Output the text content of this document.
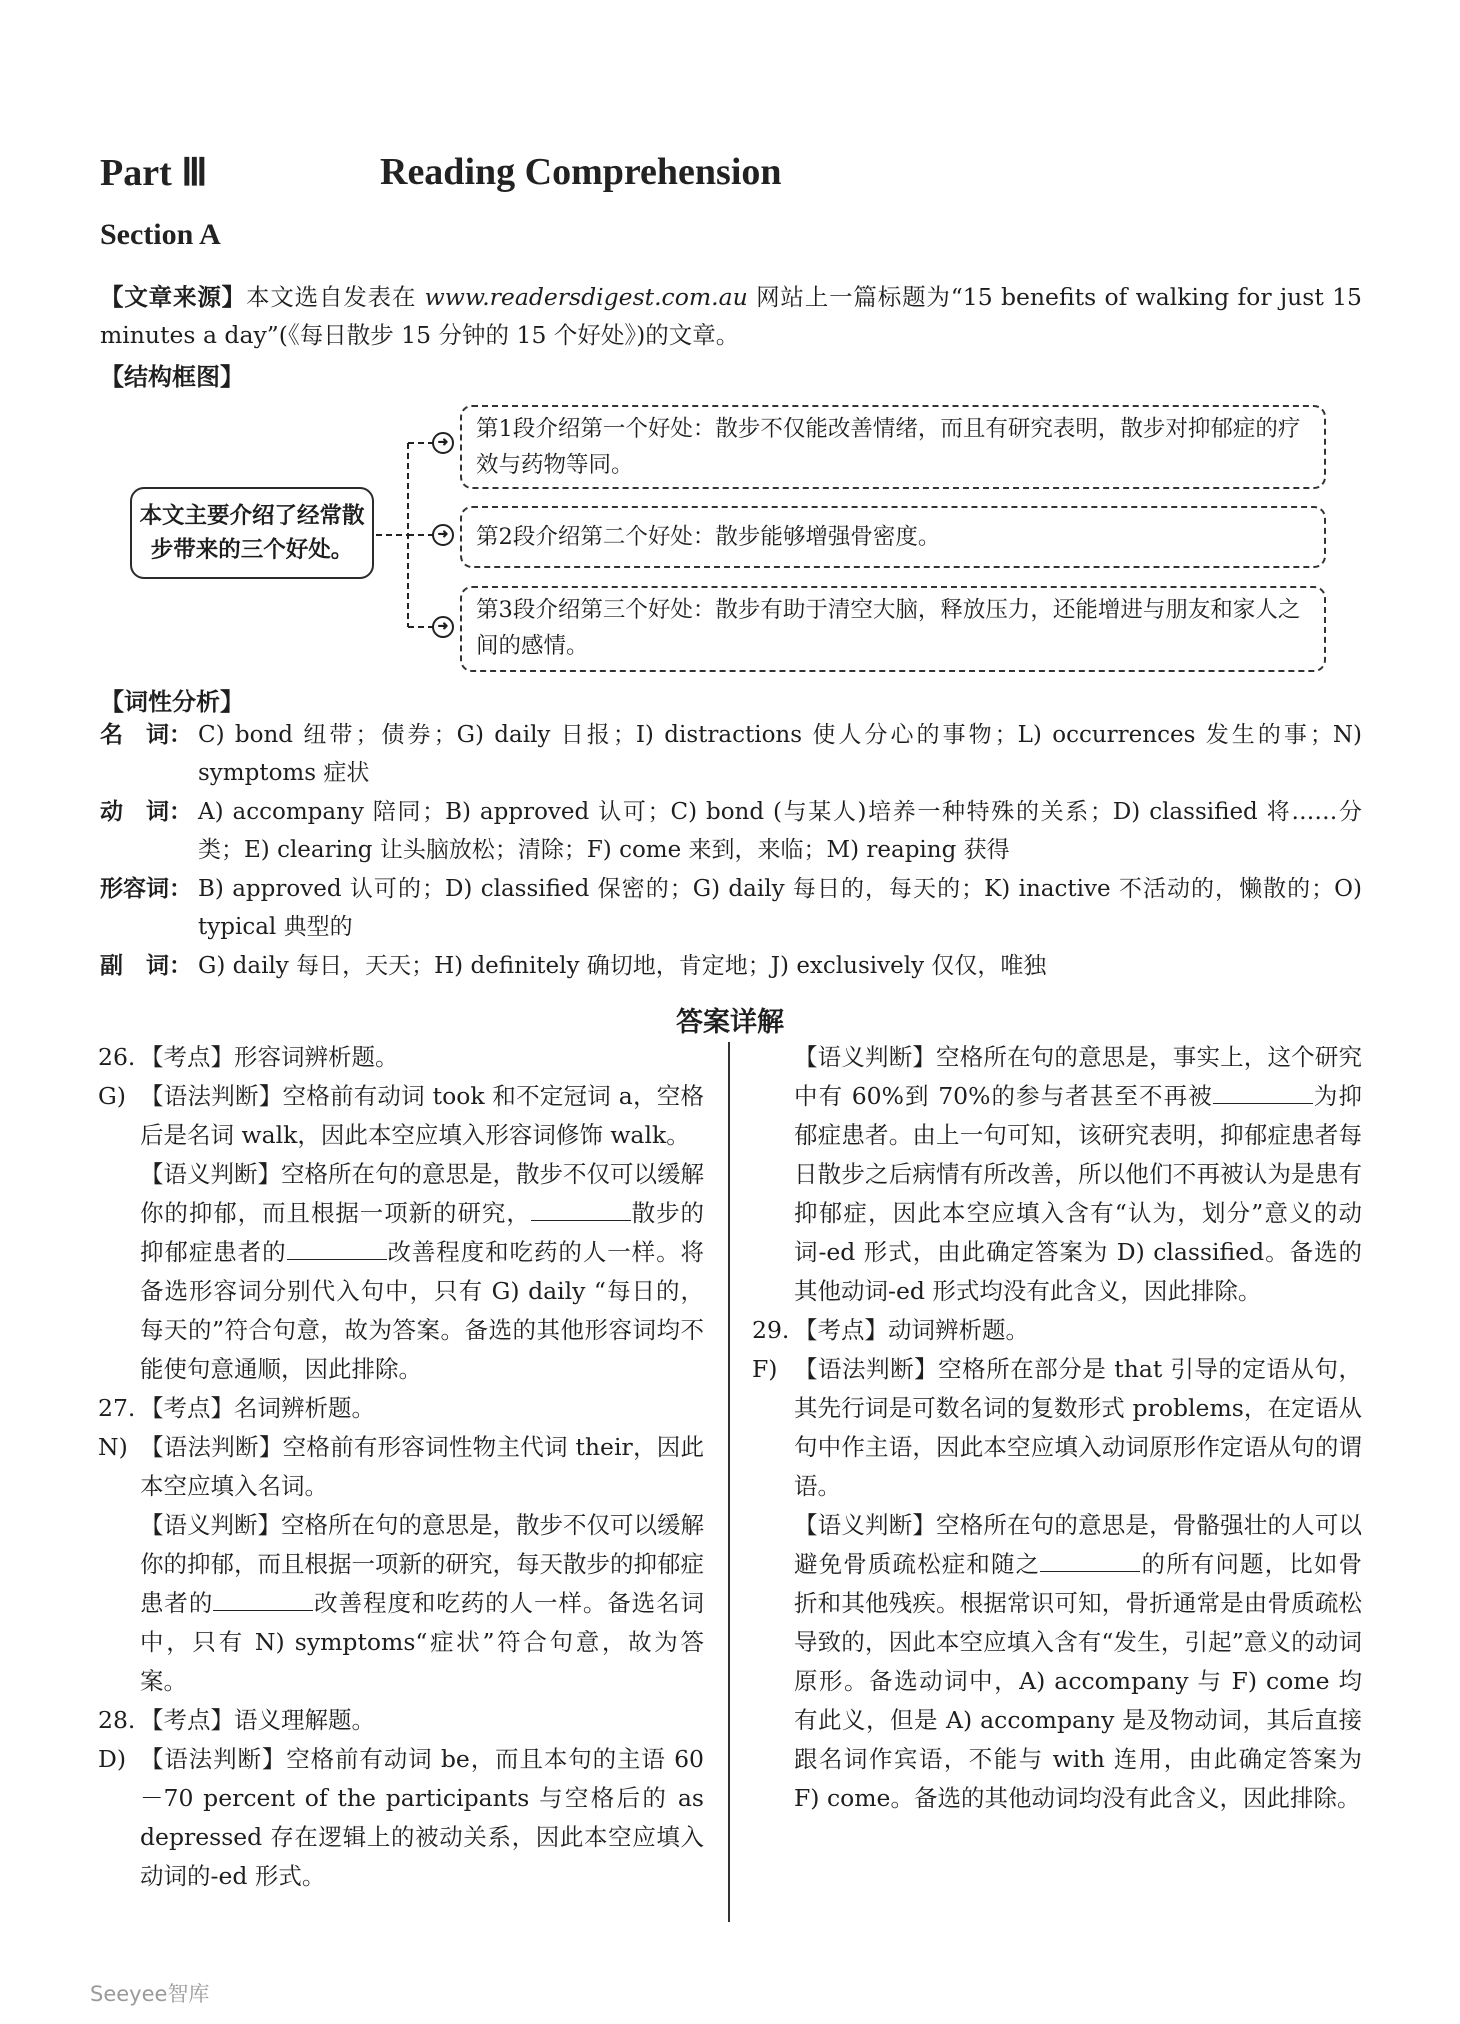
Part Ⅲ	Reading Comprehension
Section A
【文章来源】本文选自发表在 www.readersdigest.com.au 网站上一篇标题为“15 benefits of walking for just 15 minutes a day”(《每日散步 15 分钟的 15 个好处》)的文章。
【结构框图】
本文主要介绍了经常散步带来的三个好处。
➜
➜
➜
第1段介绍第一个好处：散步不仅能改善情绪，而且有研究表明，散步对抑郁症的疗效与药物等同。
第2段介绍第二个好处：散步能够增强骨密度。
第3段介绍第三个好处：散步有助于清空大脑，释放压力，还能增进与朋友和家人之间的感情。
【词性分析】
名　词： C) bond 纽带；债券；G) daily 日报；I) distractions 使人分心的事物；L) occurrences 发生的事；N) symptoms 症状
动　词： A) accompany 陪同；B) approved 认可；C) bond (与某人)培养一种特殊的关系；D) classified 将……分类；E) clearing 让头脑放松；清除；F) come 来到，来临；M) reaping 获得
形容词： B) approved 认可的；D) classified 保密的；G) daily 每日的，每天的；K) inactive 不活动的，懒散的；O) typical 典型的
副　词： G) daily 每日，天天；H) definitely 确切地，肯定地；J) exclusively 仅仅，唯独
答案详解
26. 【考点】形容词辨析题。
G) 【语法判断】空格前有动词 took 和不定冠词 a，空格后是名词 walk，因此本空应填入形容词修饰 walk。
【语义判断】空格所在句的意思是，散步不仅可以缓解你的抑郁，而且根据一项新的研究，	散步的抑郁症患者的	改善程度和吃药的人一样。将备选形容词分别代入句中，只有 G) daily “每日的，每天的”符合句意，故为答案。备选的其他形容词均不能使句意通顺，因此排除。
27. 【考点】名词辨析题。
N) 【语法判断】空格前有形容词性物主代词 their，因此本空应填入名词。
【语义判断】空格所在句的意思是，散步不仅可以缓解你的抑郁，而且根据一项新的研究，每天散步的抑郁症患者的	改善程度和吃药的人一样。备选名词中，只有 N) symptoms“症状”符合句意，故为答案。
28. 【考点】语义理解题。
D) 【语法判断】空格前有动词 be，而且本句的主语 60－70 percent of the participants 与空格后的 as depressed 存在逻辑上的被动关系，因此本空应填入动词的-ed 形式。
【语义判断】空格所在句的意思是，事实上，这个研究中有 60%到 70%的参与者甚至不再被	为抑郁症患者。由上一句可知，该研究表明，抑郁症患者每日散步之后病情有所改善，所以他们不再被认为是患有抑郁症，因此本空应填入含有“认为，划分”意义的动词-ed 形式，由此确定答案为 D) classified。备选的其他动词-ed 形式均没有此含义，因此排除。
29. 【考点】动词辨析题。
F) 【语法判断】空格所在部分是 that 引导的定语从句，其先行词是可数名词的复数形式 problems，在定语从句中作主语，因此本空应填入动词原形作定语从句的谓语。
【语义判断】空格所在句的意思是，骨骼强壮的人可以避免骨质疏松症和随之	的所有问题，比如骨折和其他残疾。根据常识可知，骨折通常是由骨质疏松导致的，因此本空应填入含有“发生，引起”意义的动词原形。备选动词中，A) accompany 与 F) come 均有此义，但是 A) accompany 是及物动词，其后直接跟名词作宾语，不能与 with 连用，由此确定答案为 F) come。备选的其他动词均没有此含义，因此排除。
Seeyee智库
